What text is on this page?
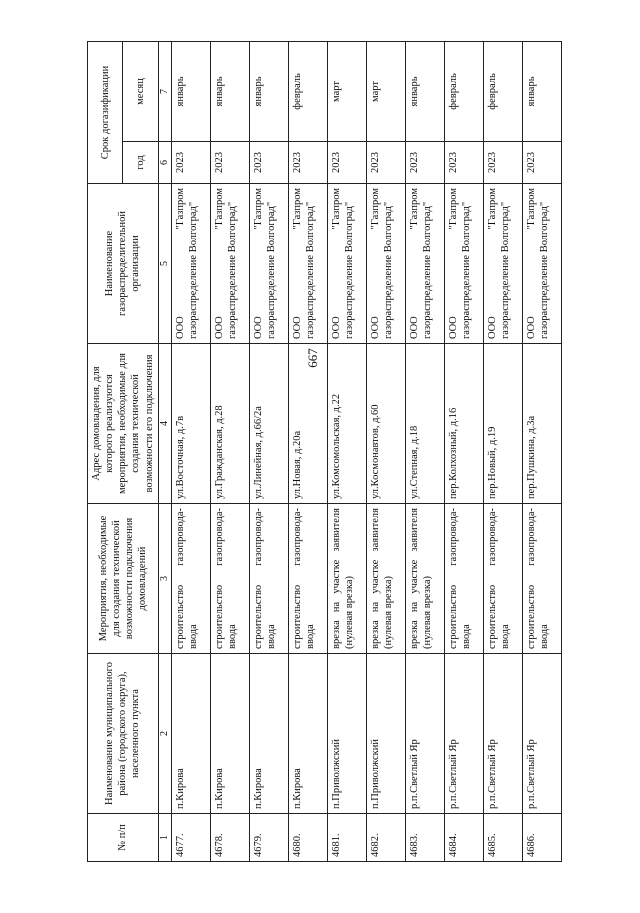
667
№ п/п	Наименование муниципального района (городского округа), населенного пункта	Мероприятия, необходимые для создания технической возможности подключения домовладений	Адрес домовладения, для которого реализуются мероприятия, необходимые для создания технической возможности его подключения	Наименование газораспределительной организации	Срок догазификации	
					год	месяц
1	2	3	4	5	6	7
4677.	п.Кирова	строительство газопровода-ввода	ул.Восточная, д.7в	ООО "Газпром газораспределение Волгоград"	2023	январь
4678.	п.Кирова	строительство газопровода-ввода	ул.Гражданская, д.28	ООО "Газпром газораспределение Волгоград"	2023	январь
4679.	п.Кирова	строительство газопровода-ввода	ул.Линейная, д.66/2а	ООО "Газпром газораспределение Волгоград"	2023	январь
4680.	п.Кирова	строительство газопровода-ввода	ул.Новая, д.20а	ООО "Газпром газораспределение Волгоград"	2023	февраль
4681.	п.Приволжский	врезка на участке заявителя (нулевая врезка)	ул.Комсомольская, д.22	ООО "Газпром газораспределение Волгоград"	2023	март
4682.	п.Приволжский	врезка на участке заявителя (нулевая врезка)	ул.Космонавтов, д.60	ООО "Газпром газораспределение Волгоград"	2023	март
4683.	р.п.Светлый Яр	врезка на участке заявителя (нулевая врезка)	ул.Степная, д.18	ООО "Газпром газораспределение Волгоград"	2023	январь
4684.	р.п.Светлый Яр	строительство газопровода-ввода	пер.Колхозный, д.16	ООО "Газпром газораспределение Волгоград"	2023	февраль
4685.	р.п.Светлый Яр	строительство газопровода-ввода	пер.Новый, д.19	ООО "Газпром газораспределение Волгоград"	2023	февраль
4686.	р.п.Светлый Яр	строительство газопровода-ввода	пер.Пушкина, д.3а	ООО "Газпром газораспределение Волгоград"	2023	январь
